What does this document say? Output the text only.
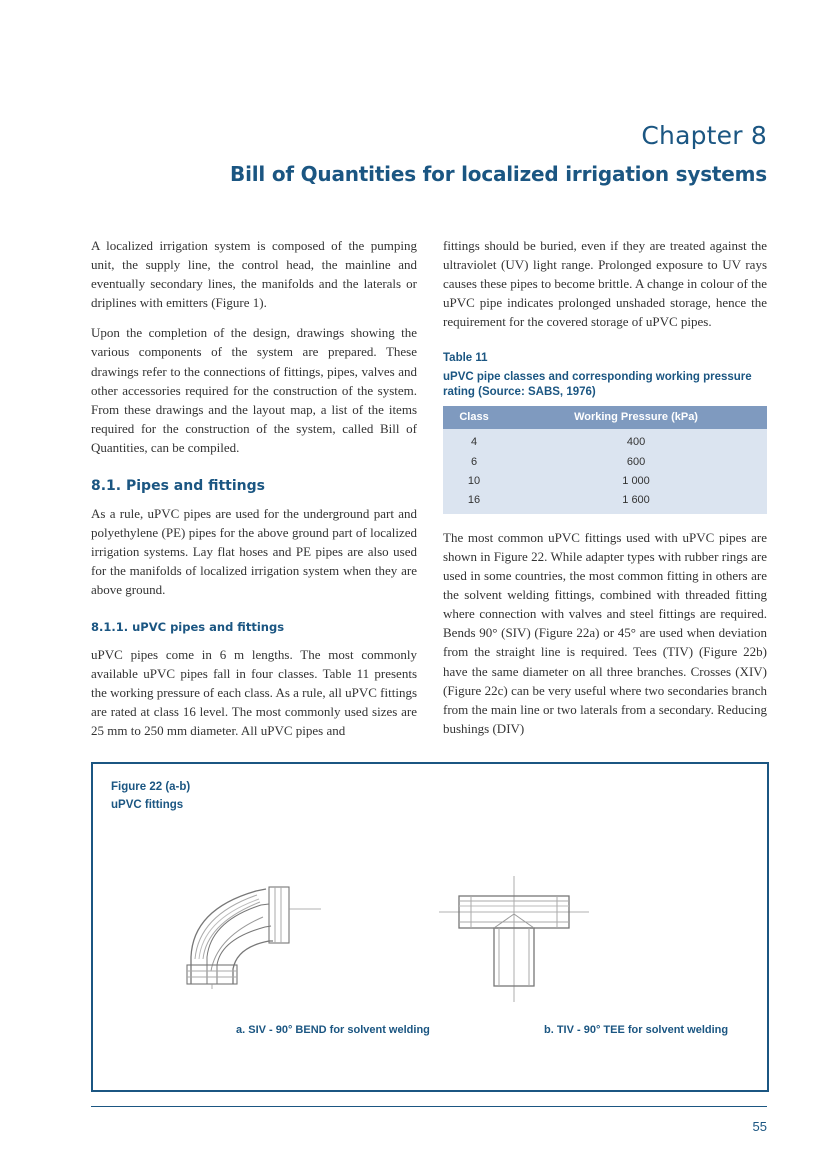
Chapter 8
Bill of Quantities for localized irrigation systems

A localized irrigation system is composed of the pumping unit, the supply line, the control head, the mainline and eventually secondary lines, the manifolds and the laterals or driplines with emitters (Figure 1).

Upon the completion of the design, drawings showing the various components of the system are prepared. These drawings refer to the connections of fittings, pipes, valves and other accessories required for the construction of the system. From these drawings and the layout map, a list of the items required for the construction of the system, called Bill of Quantities, can be compiled.

8.1. Pipes and fittings

As a rule, uPVC pipes are used for the underground part and polyethylene (PE) pipes for the above ground part of localized irrigation systems. Lay flat hoses and PE pipes are also used for the manifolds of localized irrigation system when they are above ground.

8.1.1. uPVC pipes and fittings

uPVC pipes come in 6 m lengths. The most commonly available uPVC pipes fall in four classes. Table 11 presents the working pressure of each class. As a rule, all uPVC fittings are rated at class 16 level. The most commonly used sizes are 25 mm to 250 mm diameter. All uPVC pipes and

fittings should be buried, even if they are treated against the ultraviolet (UV) light range. Prolonged exposure to UV rays causes these pipes to become brittle. A change in colour of the uPVC pipe indicates prolonged unshaded storage, hence the requirement for the covered storage of uPVC pipes.

Table 11
uPVC pipe classes and corresponding working pressure rating (Source: SABS, 1976)
Class	Working Pressure (kPa)
4	400
6	600
10	1 000
16	1 600

The most common uPVC fittings used with uPVC pipes are shown in Figure 22. While adapter types with rubber rings are used in some countries, the most common fitting in others are the solvent welding fittings, combined with threaded fitting where connection with valves and steel fittings are required. Bends 90° (SIV) (Figure 22a) or 45° are used when deviation from the straight line is required. Tees (TIV) (Figure 22b) have the same diameter on all three branches. Crosses (XIV) (Figure 22c) can be very useful where two secondaries branch from the main line or two laterals from a secondary. Reducing bushings (DIV)

Figure 22 (a-b)
uPVC fittings
a. SIV - 90° BEND for solvent welding	b. TIV - 90° TEE for solvent welding
55
